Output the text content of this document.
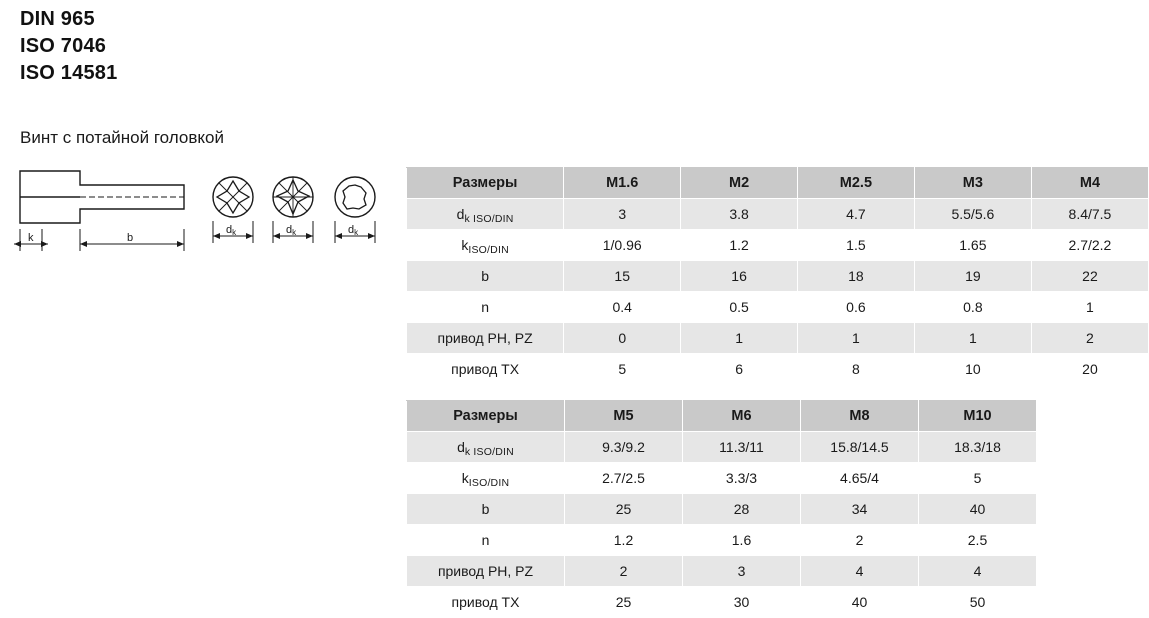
DIN 965
ISO 7046
ISO 14581
Винт с потайной головкой
k	b
dk	dk	dk
Размеры	M1.6	M2	M2.5	M3	M4
$d_{k ISO/DIN}$	3	3.8	4.7	5.5/5.6	8.4/7.5
$k_{ISO/DIN}$	1/0.96	1.2	1.5	1.65	2.7/2.2
b	15	16	18	19	22
n	0.4	0.5	0.6	0.8	1
привод PH, PZ	0	1	1	1	2
привод TX	5	6	8	10	20
Размеры	M5	M6	M8	M10
$d_{k ISO/DIN}$	9.3/9.2	11.3/11	15.8/14.5	18.3/18
$k_{ISO/DIN}$	2.7/2.5	3.3/3	4.65/4	5
b	25	28	34	40
n	1.2	1.6	2	2.5
привод PH, PZ	2	3	4	4
привод TX	25	30	40	50
